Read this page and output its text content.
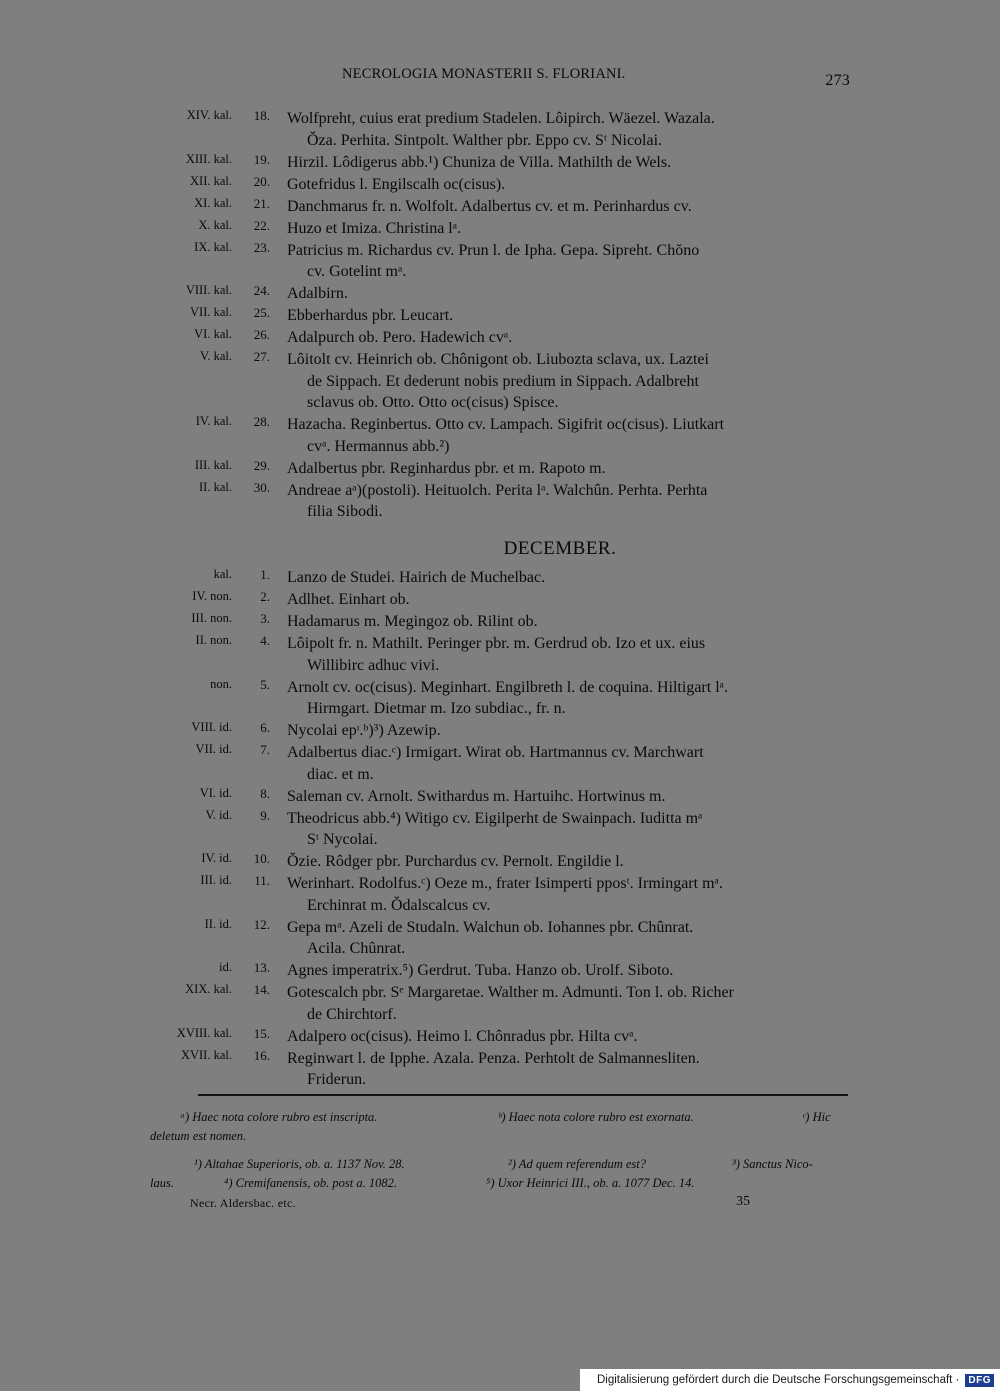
NECROLOGIA MONASTERII S. FLORIANI.	273
XIV. kal.	18. Wolfpreht, cuius erat predium Stadelen. Lôipirch. Wäezel. Wazala.
Ŏza. Perhita. Sintpolt. Walther pbr. Eppo cv. Sᵗ Nicolai.
XIII. kal.	19. Hirzil. Lôdigerus abb.¹) Chuniza de Villa. Mathilth de Wels.
XII. kal.	20. Gotefridus l. Engilscalh oc(cisus).
XI. kal.	21. Danchmarus fr. n. Wolfolt. Adalbertus cv. et m. Perinhardus cv.
X. kal.	22. Huzo et Imiza. Christina lᵃ.
IX. kal.	23. Patricius m. Richardus cv. Prun l. de Ipha. Gepa. Sipreht. Chŏno
cv. Gotelint mᵃ.
VIII. kal.	24. Adalbirn.
VII. kal.	25. Ebberhardus pbr. Leucart.
VI. kal.	26. Adalpurch ob. Pero. Hadewich cvᵃ.
V. kal.	27. Lôitolt cv. Heinrich ob. Chônigont ob. Liubozta sclava, ux. Laztei
de Sippach. Et dederunt nobis predium in Sippach. Adalbreht
sclavus ob. Otto. Otto oc(cisus) Spisce.
IV. kal.	28. Hazacha. Reginbertus. Otto cv. Lampach. Sigifrit oc(cisus). Liutkart
cvᵃ. Hermannus abb.²)
III. kal.	29. Adalbertus pbr. Reginhardus pbr. et m. Rapoto m.
II. kal.	30. Andreae aᵃ)(postoli). Heituolch. Perita lᵃ. Walchûn. Perhta. Perhta
filia Sibodi.
DECEMBER.
kal.	1. Lanzo de Studei. Hairich de Muchelbac.
IV. non.	2. Adlhet. Einhart ob.
III. non.	3. Hadamarus m. Megingoz ob. Rilint ob.
II. non.	4. Lôipolt fr. n. Mathilt. Peringer pbr. m. Gerdrud ob. Izo et ux. eius
Willibirc adhuc vivi.
non.	5. Arnolt cv. oc(cisus). Meginhart. Engilbreth l. de coquina. Hiltigart lᵃ.
Hirmgart. Dietmar m. Izo subdiac., fr. n.
VIII. id.	6. Nycolai epᶦ.ᵇ)³) Azewip.
VII. id.	7. Adalbertus diac.ᶜ) Irmigart. Wirat ob. Hartmannus cv. Marchwart
diac. et m.
VI. id.	8. Saleman cv. Arnolt. Swithardus m. Hartuihc. Hortwinus m.
V. id.	9. Theodricus abb.⁴) Witigo cv. Eigilperht de Swainpach. Iuditta mᵃ
Sᵗ Nycolai.
IV. id.	10. Ŏzie. Rôdger pbr. Purchardus cv. Pernolt. Engildie l.
III. id.	11. Werinhart. Rodolfus.ᶜ) Oeze m., frater Isimperti pposᵗ. Irmingart mᵃ.
Erchinrat m. Ŏdalscalcus cv.
II. id.	12. Gepa mᵃ. Azeli de Studaln. Walchun ob. Iohannes pbr. Chûnrat.
Acila. Chûnrat.
id.	13. Agnes imperatrix.⁵) Gerdrut. Tuba. Hanzo ob. Urolf. Siboto.
XIX. kal.	14. Gotescalch pbr. Sᵉ Margaretae. Walther m. Admunti. Ton l. ob. Richer
de Chirchtorf.
XVIII. kal.	15. Adalpero oc(cisus). Heimo l. Chônradus pbr. Hilta cvᵃ.
XVII. kal.	16. Reginwart l. de Ipphe. Azala. Penza. Perhtolt de Salmannesliten.
Friderun.
ᵃ) Haec nota colore rubro est inscripta.	ᵇ) Haec nota colore rubro est exornata.	ᶜ) Hic
deletum est nomen.
¹) Altahae Superioris, ob. a. 1137 Nov. 28.	²) Ad quem referendum est?	³) Sanctus Nico-
laus.	⁴) Cremifanensis, ob. post a. 1082.	⁵) Uxor Heinrici III., ob. a. 1077 Dec. 14.
Necr. Aldersbac. etc.	35
Digitalisierung gefördert durch die Deutsche Forschungsgemeinschaft · DFG
